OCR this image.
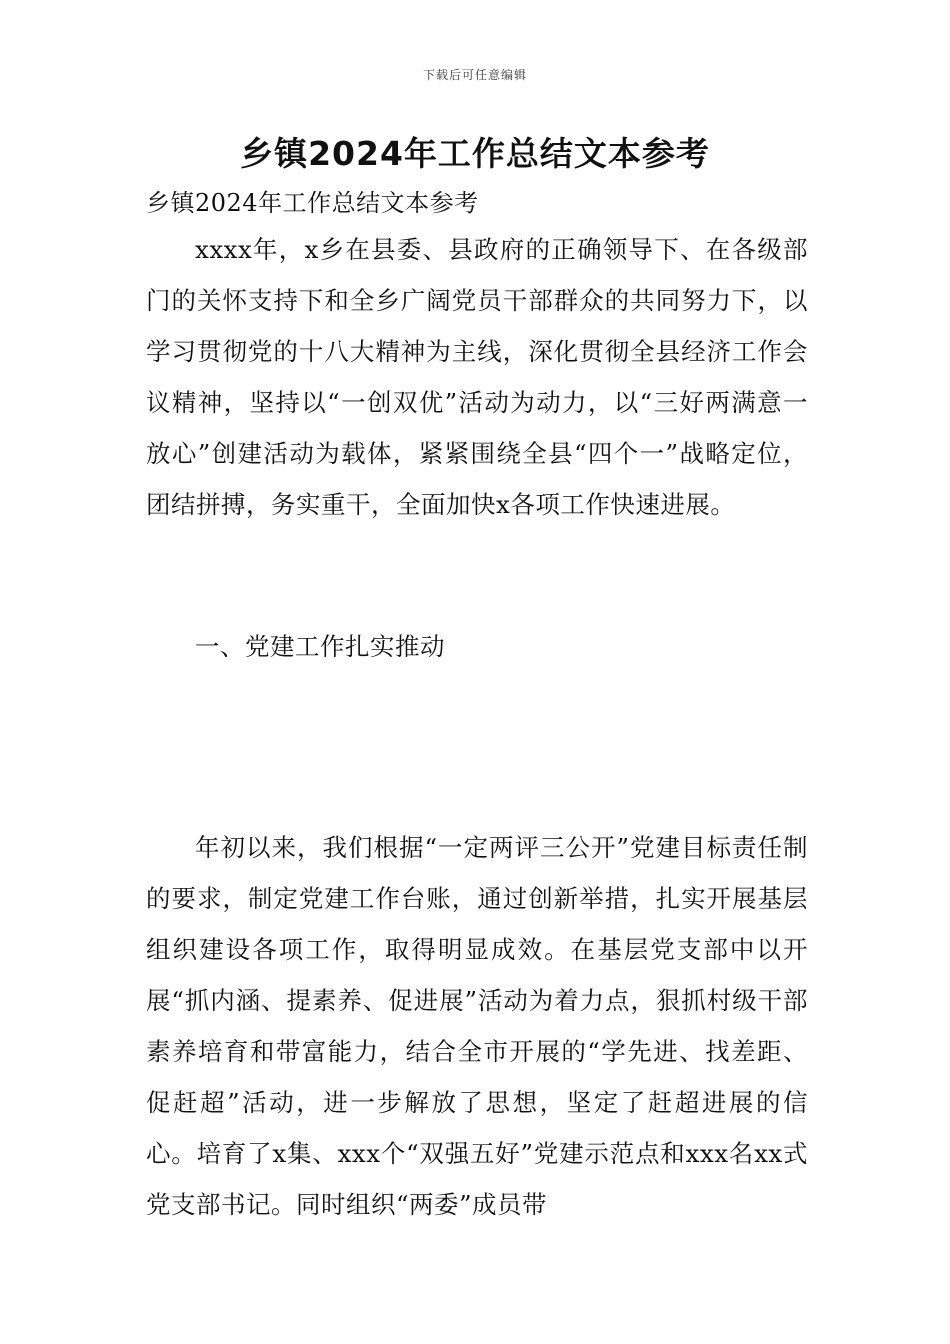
下载后可任意编辑
乡镇2024年工作总结文本参考
乡镇2024年工作总结文本参考

xxxx年，x乡在县委、县政府的正确领导下、在各级部门的关怀支持下和全乡广阔党员干部群众的共同努力下，以学习贯彻党的十八大精神为主线，深化贯彻全县经济工作会议精神，坚持以“一创双优”活动为动力，以“三好两满意一放心”创建活动为载体，紧紧围绕全县“四个一”战略定位，团结拼搏，务实重干，全面加快x各项工作快速进展。

一、党建工作扎实推动

年初以来，我们根据“一定两评三公开”党建目标责任制的要求，制定党建工作台账，通过创新举措，扎实开展基层组织建设各项工作，取得明显成效。在基层党支部中以开展“抓内涵、提素养、促进展”活动为着力点，狠抓村级干部素养培育和带富能力，结合全市开展的“学先进、找差距、促赶超”活动，进一步解放了思想，坚定了赶超进展的信心。培育了x集、xxx个“双强五好”党建示范点和xxx名xx式党支部书记。同时组织“两委”成员带
